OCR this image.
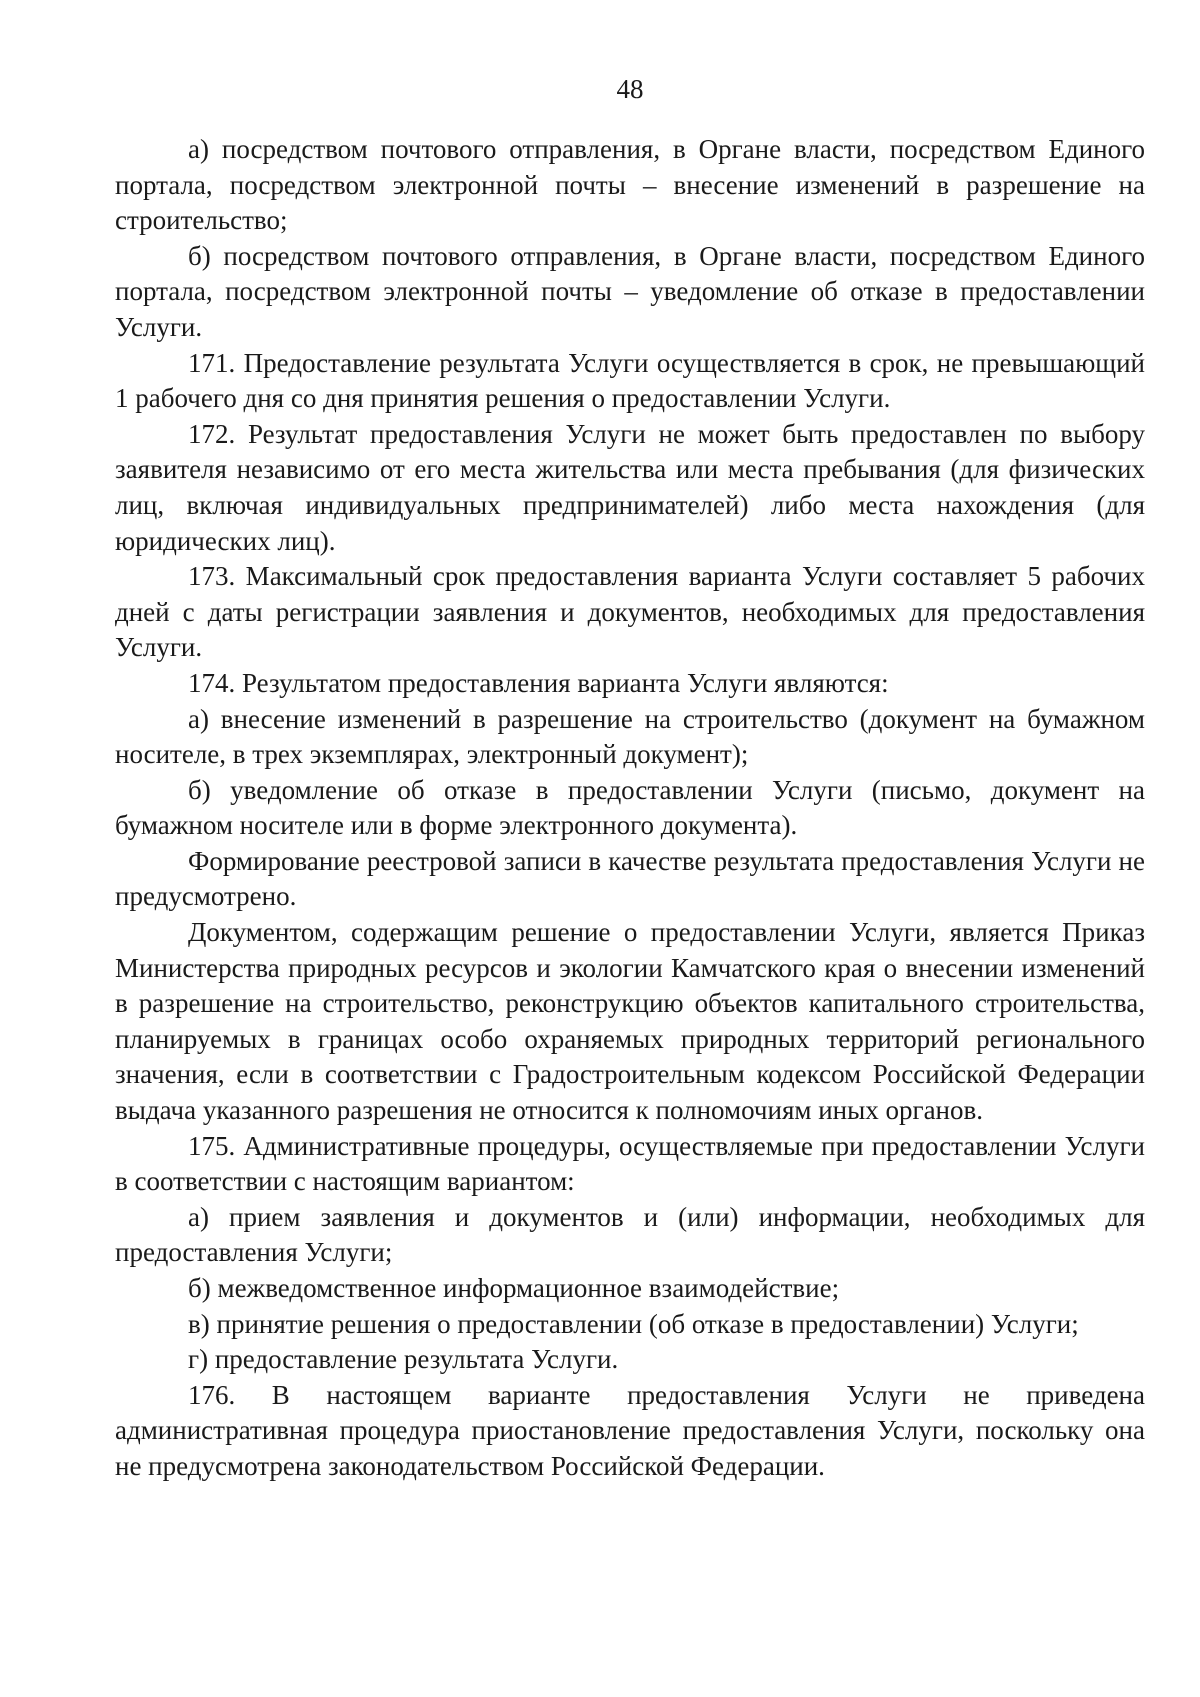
48

а) посредством почтового отправления, в Органе власти, посредством Единого портала, посредством электронной почты – внесение изменений в разрешение на строительство;

б) посредством почтового отправления, в Органе власти, посредством Единого портала, посредством электронной почты – уведомление об отказе в предоставлении Услуги.

171. Предоставление результата Услуги осуществляется в срок, не превышающий 1 рабочего дня со дня принятия решения о предоставлении Услуги.

172. Результат предоставления Услуги не может быть предоставлен по выбору заявителя независимо от его места жительства или места пребывания (для физических лиц, включая индивидуальных предпринимателей) либо места нахождения (для юридических лиц).

173. Максимальный срок предоставления варианта Услуги составляет 5 рабочих дней с даты регистрации заявления и документов, необходимых для предоставления Услуги.

174. Результатом предоставления варианта Услуги являются:

а) внесение изменений в разрешение на строительство (документ на бумажном носителе, в трех экземплярах, электронный документ);

б) уведомление об отказе в предоставлении Услуги (письмо, документ на бумажном носителе или в форме электронного документа).

Формирование реестровой записи в качестве результата предоставления Услуги не предусмотрено.

Документом, содержащим решение о предоставлении Услуги, является Приказ Министерства природных ресурсов и экологии Камчатского края о внесении изменений в разрешение на строительство, реконструкцию объектов капитального строительства, планируемых в границах особо охраняемых природных территорий регионального значения, если в соответствии с Градостроительным кодексом Российской Федерации выдача указанного разрешения не относится к полномочиям иных органов.

175. Административные процедуры, осуществляемые при предоставлении Услуги в соответствии с настоящим вариантом:

а) прием заявления и документов и (или) информации, необходимых для предоставления Услуги;

б) межведомственное информационное взаимодействие;

в) принятие решения о предоставлении (об отказе в предоставлении) Услуги;

г) предоставление результата Услуги.

176. В настоящем варианте предоставления Услуги не приведена административная процедура приостановление предоставления Услуги, поскольку она не предусмотрена законодательством Российской Федерации.
